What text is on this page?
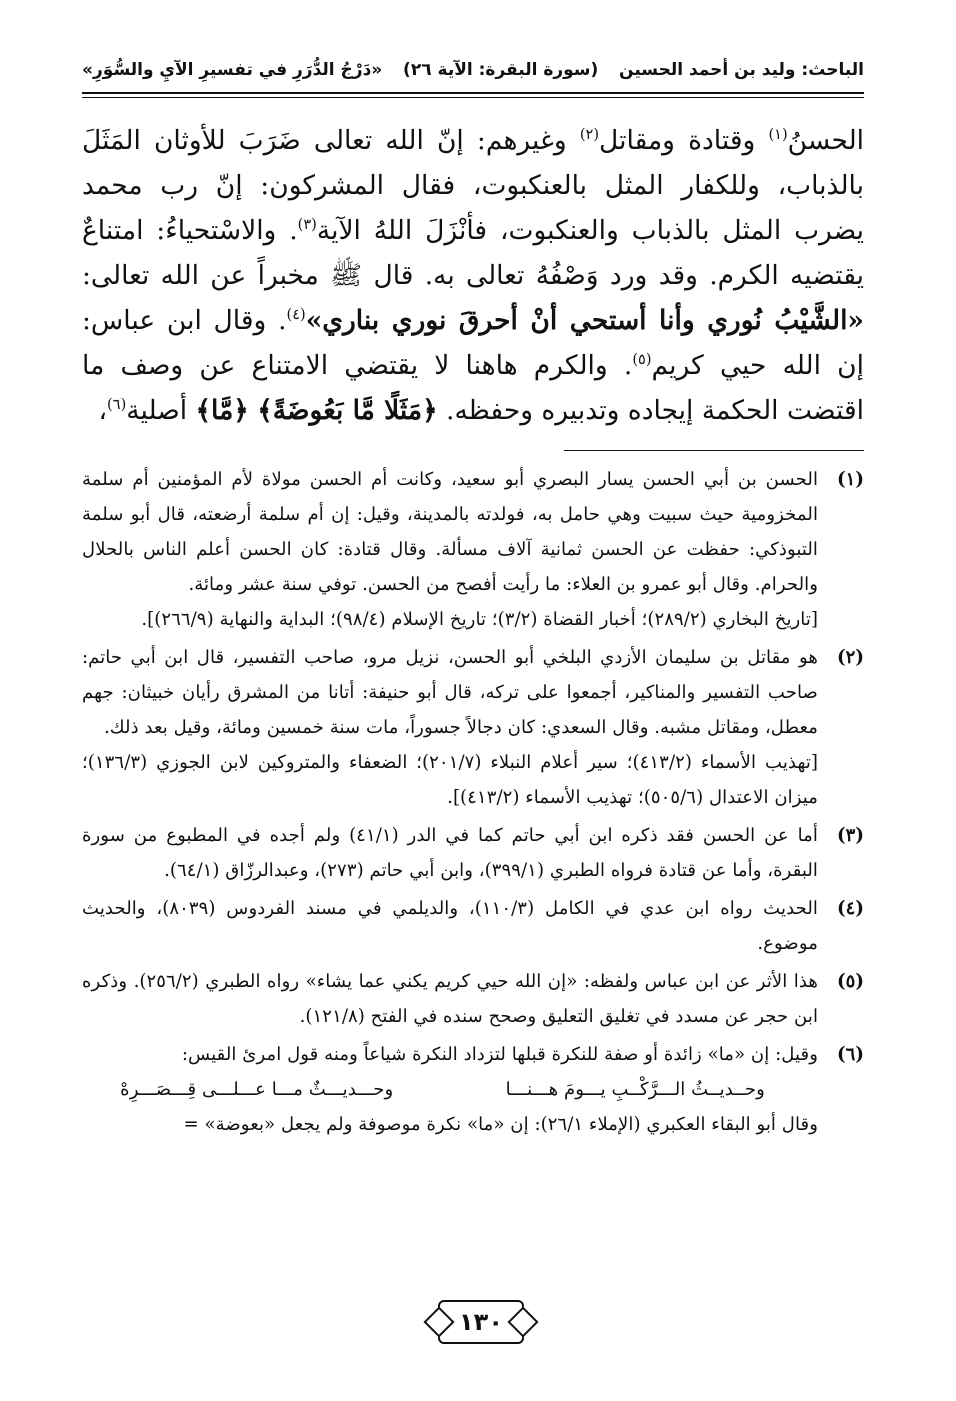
الباحث: وليد بن أحمد الحسين
(سورة البقرة: الآية ٢٦)
«دَرْجُ الدُّرَرِ في تفسيرِ الآيِ والسُّوَرِ»

الحسنُ$^{(١)}$ وقتادة ومقاتل$^{(٢)}$ وغيرهم: إنّ الله تعالى ضَرَبَ للأوثان المَثَلَ بالذباب، وللكفار المثل بالعنكبوت، فقال المشركون: إنّ رب محمد يضرب المثل بالذباب والعنكبوت، فأنْزَلَ اللهُ الآية$^{(٣)}$. والاسْتحياءُ: امتناعٌ يقتضيه الكرم. وقد ورد وَصْفُهُ تعالى به. قال ﷺ مخبراً عن الله تعالى: «الشَّيْبُ نُوري وأنا أستحي أنْ أحرقَ نوري بناري»$^{(٤)}$. وقال ابن عباس: إن الله حيي كريم$^{(٥)}$. والكرم هاهنا لا يقتضي الامتناع عن وصف ما اقتضت الحكمة إيجاده وتدبيره وحفظه. ﴿مَثَلًا مَّا بَعُوضَةً﴾ ﴿مَّا﴾ أصلية$^{(٦)}$،

(١)

الحسن بن أبي الحسن يسار البصري أبو سعيد، وكانت أم الحسن مولاة لأم المؤمنين أم سلمة المخزومية حيث سبيت وهي حامل به، فولدته بالمدينة، وقيل: إن أم سلمة أرضعته، قال أبو سلمة التبوذكي: حفظت عن الحسن ثمانية آلاف مسألة. وقال قتادة: كان الحسن أعلم الناس بالحلال والحرام. وقال أبو عمرو بن العلاء: ما رأيت أفصح من الحسن. توفي سنة عشر ومائة.

[تاريخ البخاري (٢٨٩/٢)؛ أخبار القضاة (٣/٢)؛ تاريخ الإسلام (٩٨/٤)؛ البداية والنهاية (٢٦٦/٩)].

(٢)

هو مقاتل بن سليمان الأزدي البلخي أبو الحسن، نزيل مرو، صاحب التفسير، قال ابن أبي حاتم: صاحب التفسير والمناكير، أجمعوا على تركه، قال أبو حنيفة: أتانا من المشرق رأيان خبيثان: جهم معطل، ومقاتل مشبه. وقال السعدي: كان دجالاً جسوراً، مات سنة خمسين ومائة، وقيل بعد ذلك.

[تهذيب الأسماء (٤١٣/٢)؛ سير أعلام النبلاء (٢٠١/٧)؛ الضعفاء والمتروكين لابن الجوزي (١٣٦/٣)؛ ميزان الاعتدال (٥٠٥/٦)؛ تهذيب الأسماء (٤١٣/٢)].

(٣)

أما عن الحسن فقد ذكره ابن أبي حاتم كما في الدر (٤١/١) ولم أجده في المطبوع من سورة البقرة، وأما عن قتادة فرواه الطبري (٣٩٩/١)، وابن أبي حاتم (٢٧٣)، وعبدالرزّاق (٦٤/١).

(٤)

الحديث رواه ابن عدي في الكامل (١١٠/٣)، والديلمي في مسند الفردوس (٨٠٣٩)، والحديث موضوع.

(٥)

هذا الأثر عن ابن عباس ولفظه: «إن الله حيي كريم يكني عما يشاء» رواه الطبري (٢٥٦/٢). وذكره ابن حجر عن مسدد في تغليق التعليق وصحح سنده في الفتح (١٢١/٨).

(٦)

وقيل: إن «ما» زائدة أو صفة للنكرة قبلها لتزداد النكرة شياعاً ومنه قول امرئ القيس:

وحــديــثُ الـــرَّكْــبِ يـــومَ هـــنـــا
وحـــديـــثٌ مـــا عـــلـــى قِـــصَـــرِهْ

وقال أبو البقاء العكبري (الإملاء ٢٦/١): إن «ما» نكرة موصوفة ولم يجعل «بعوضة» =

١٣٠
